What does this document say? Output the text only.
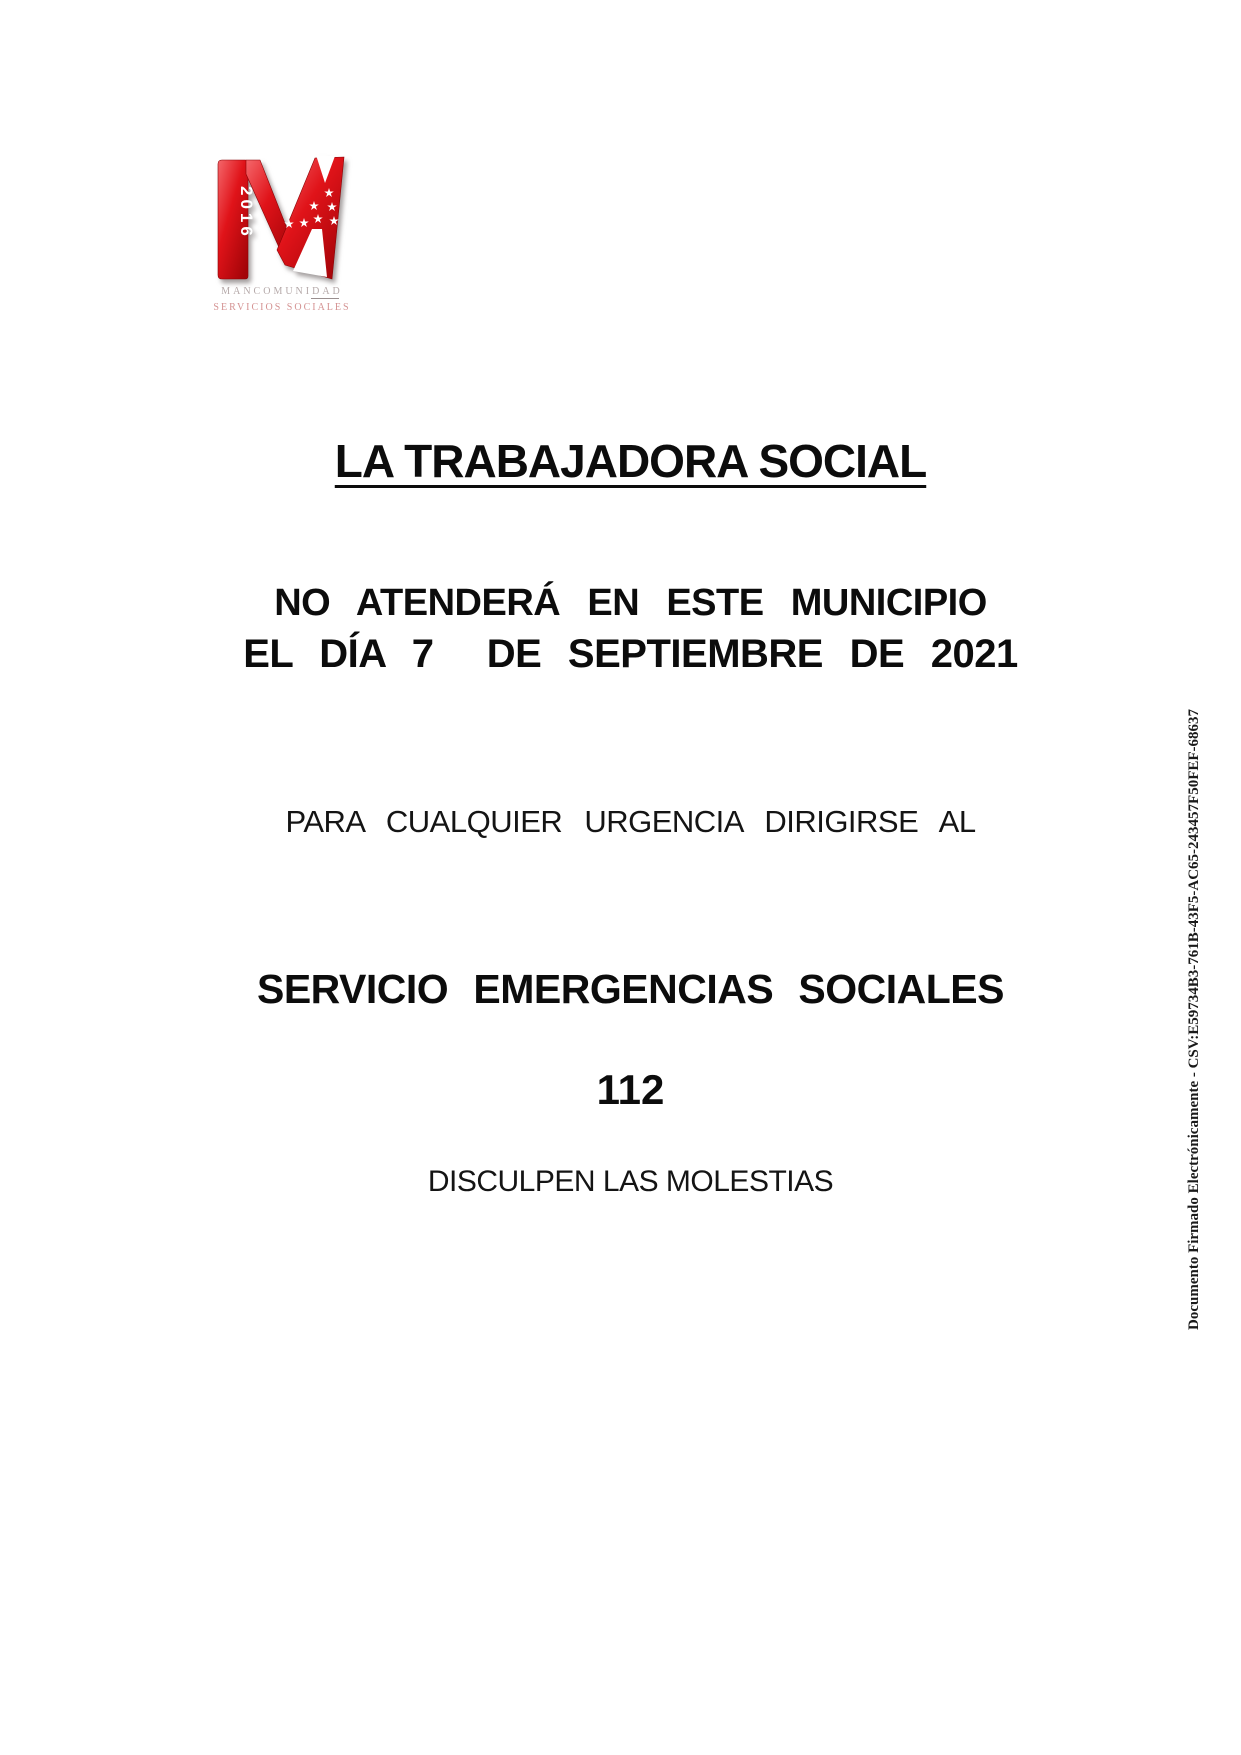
2016
MANCOMUNIDAD
SERVICIOS SOCIALES
LA TRABAJADORA SOCIAL

NO ATENDERÁ EN ESTE MUNICIPIO

EL DÍA 7  DE SEPTIEMBRE DE 2021

PARA CUALQUIER URGENCIA DIRIGIRSE AL

SERVICIO EMERGENCIAS SOCIALES

112

DISCULPEN LAS MOLESTIAS	Documento Firmado Electrónicamente - CSV:E59734B3-761B-43F5-AC65-243457F50FEF-68637
